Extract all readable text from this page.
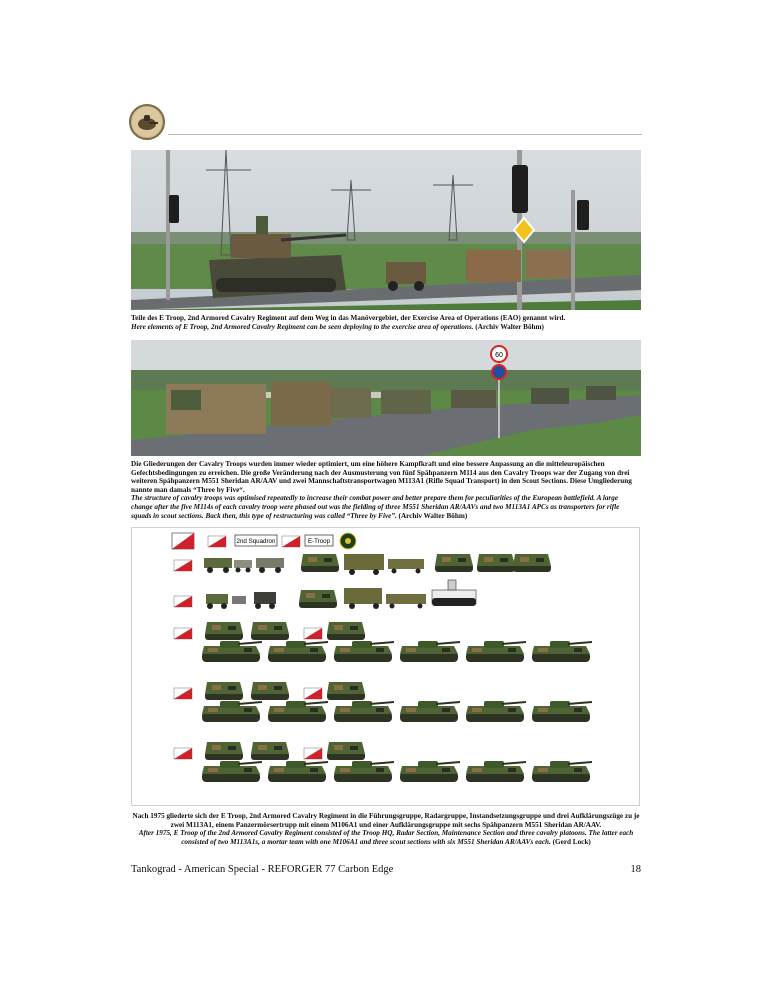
Teile des E Troop, 2nd Armored Cavalry Regiment auf dem Weg in das Manövergebiet, der Exercise Area of Operations (EAO) genannt wird.
Here elements of E Troop, 2nd Armored Cavalry Regiment can be seen deploying to the exercise area of operations. (Archiv Walter Böhm)
60
Die Gliederungen der Cavalry Troops wurden immer wieder optimiert, um eine höhere Kampfkraft und eine bessere Anpassung an die mitteleuropäischen Gefechtsbedingungen zu erreichen. Die große Veränderung nach der Ausmusterung von fünf Spähpanzern M114 aus den Cavalry Troops war der Zugang von drei weiteren Spähpanzern M551 Sheridan AR/AAV und zwei Mannschaftstransportwagen M113A1 (Rifle Squad Transport) in den Scout Sections. Diese Umgliederung nannte man damals “Three by Five“.
The structure of cavalry troops was optimised repeatedly to increase their combat power and better prepare them for peculiarities of the European battlefield. A large change after the five M114s of each cavalry troop were phased out was the fielding of three M551 Sheridan AR/AAVs and two M113A1 APCs as transporters for rifle squads in scout sections. Back then, this type of restructuring was called “Three by Five”. (Archiv Walter Böhm)
2nd Squadron	E-Troop
Nach 1975 gliederte sich der E Troop, 2nd Armored Cavalry Regiment in die Führungsgruppe, Radargruppe, Instandsetzungsgruppe und drei Aufklärungszüge zu je zwei M113A1, einem Panzermörsertrupp mit einem M106A1 und einer Aufklärungsgruppe mit sechs Spähpanzern M551 Sheridan AR/AAV.
After 1975, E Troop of the 2nd Armored Cavalry Regiment consisted of the Troop HQ, Radar Section, Maintenance Section and three cavalry platoons. The latter each consisted of two M113A1s, a mortar team with one M106A1 and three scout sections with six M551 Sheridan AR/AAVs each. (Gerd Lock)
Tankograd - American Special - REFORGER 77 Carbon Edge	18
